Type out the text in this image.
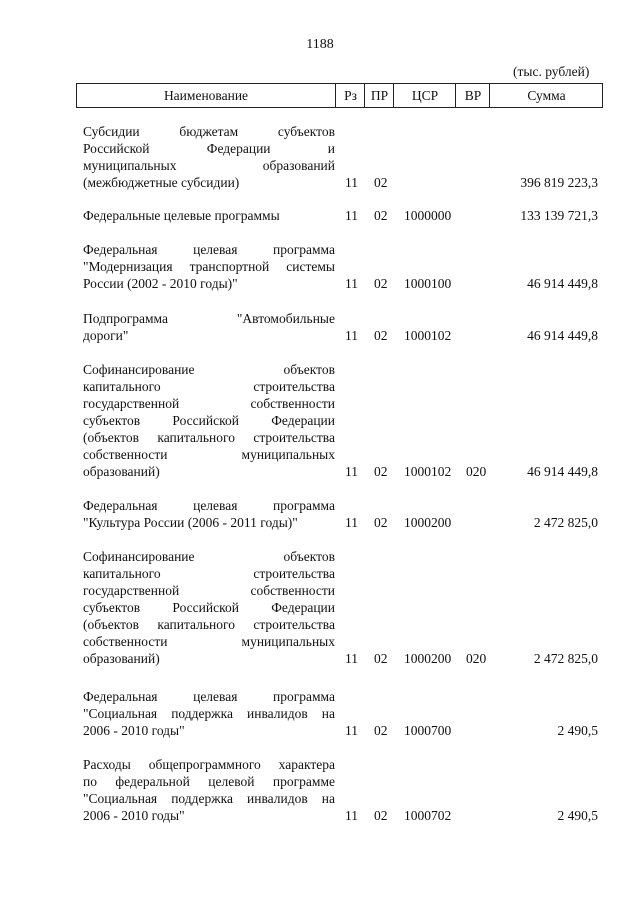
1188
(тыс. рублей)
Наименование	Рз	ПР	ЦСР	ВР	Сумма
Субсидии бюджетам субъектов
Российской Федерации и
муниципальных образований
(межбюджетные субсидии)	11 02	396 819 223,3
Федеральные целевые программы	11 02 1000000	133 139 721,3
Федеральная целевая программа
"Модернизация транспортной системы
России (2002 - 2010 годы)"	11 02 1000100	46 914 449,8
Подпрограмма "Автомобильные
дороги"	11 02 1000102	46 914 449,8
Софинансирование объектов
капитального строительства
государственной собственности
субъектов Российской Федерации
(объектов капитального строительства
собственности муниципальных
образований)	11 02 1000102 020	46 914 449,8
Федеральная целевая программа
"Культура России (2006 - 2011 годы)"	11 02 1000200	2 472 825,0
Софинансирование объектов
капитального строительства
государственной собственности
субъектов Российской Федерации
(объектов капитального строительства
собственности муниципальных
образований)	11 02 1000200 020	2 472 825,0
Федеральная целевая программа
"Социальная поддержка инвалидов на
2006 - 2010 годы"	11 02 1000700	2 490,5
Расходы общепрограммного характера
по федеральной целевой программе
"Социальная поддержка инвалидов на
2006 - 2010 годы"	11 02 1000702	2 490,5
